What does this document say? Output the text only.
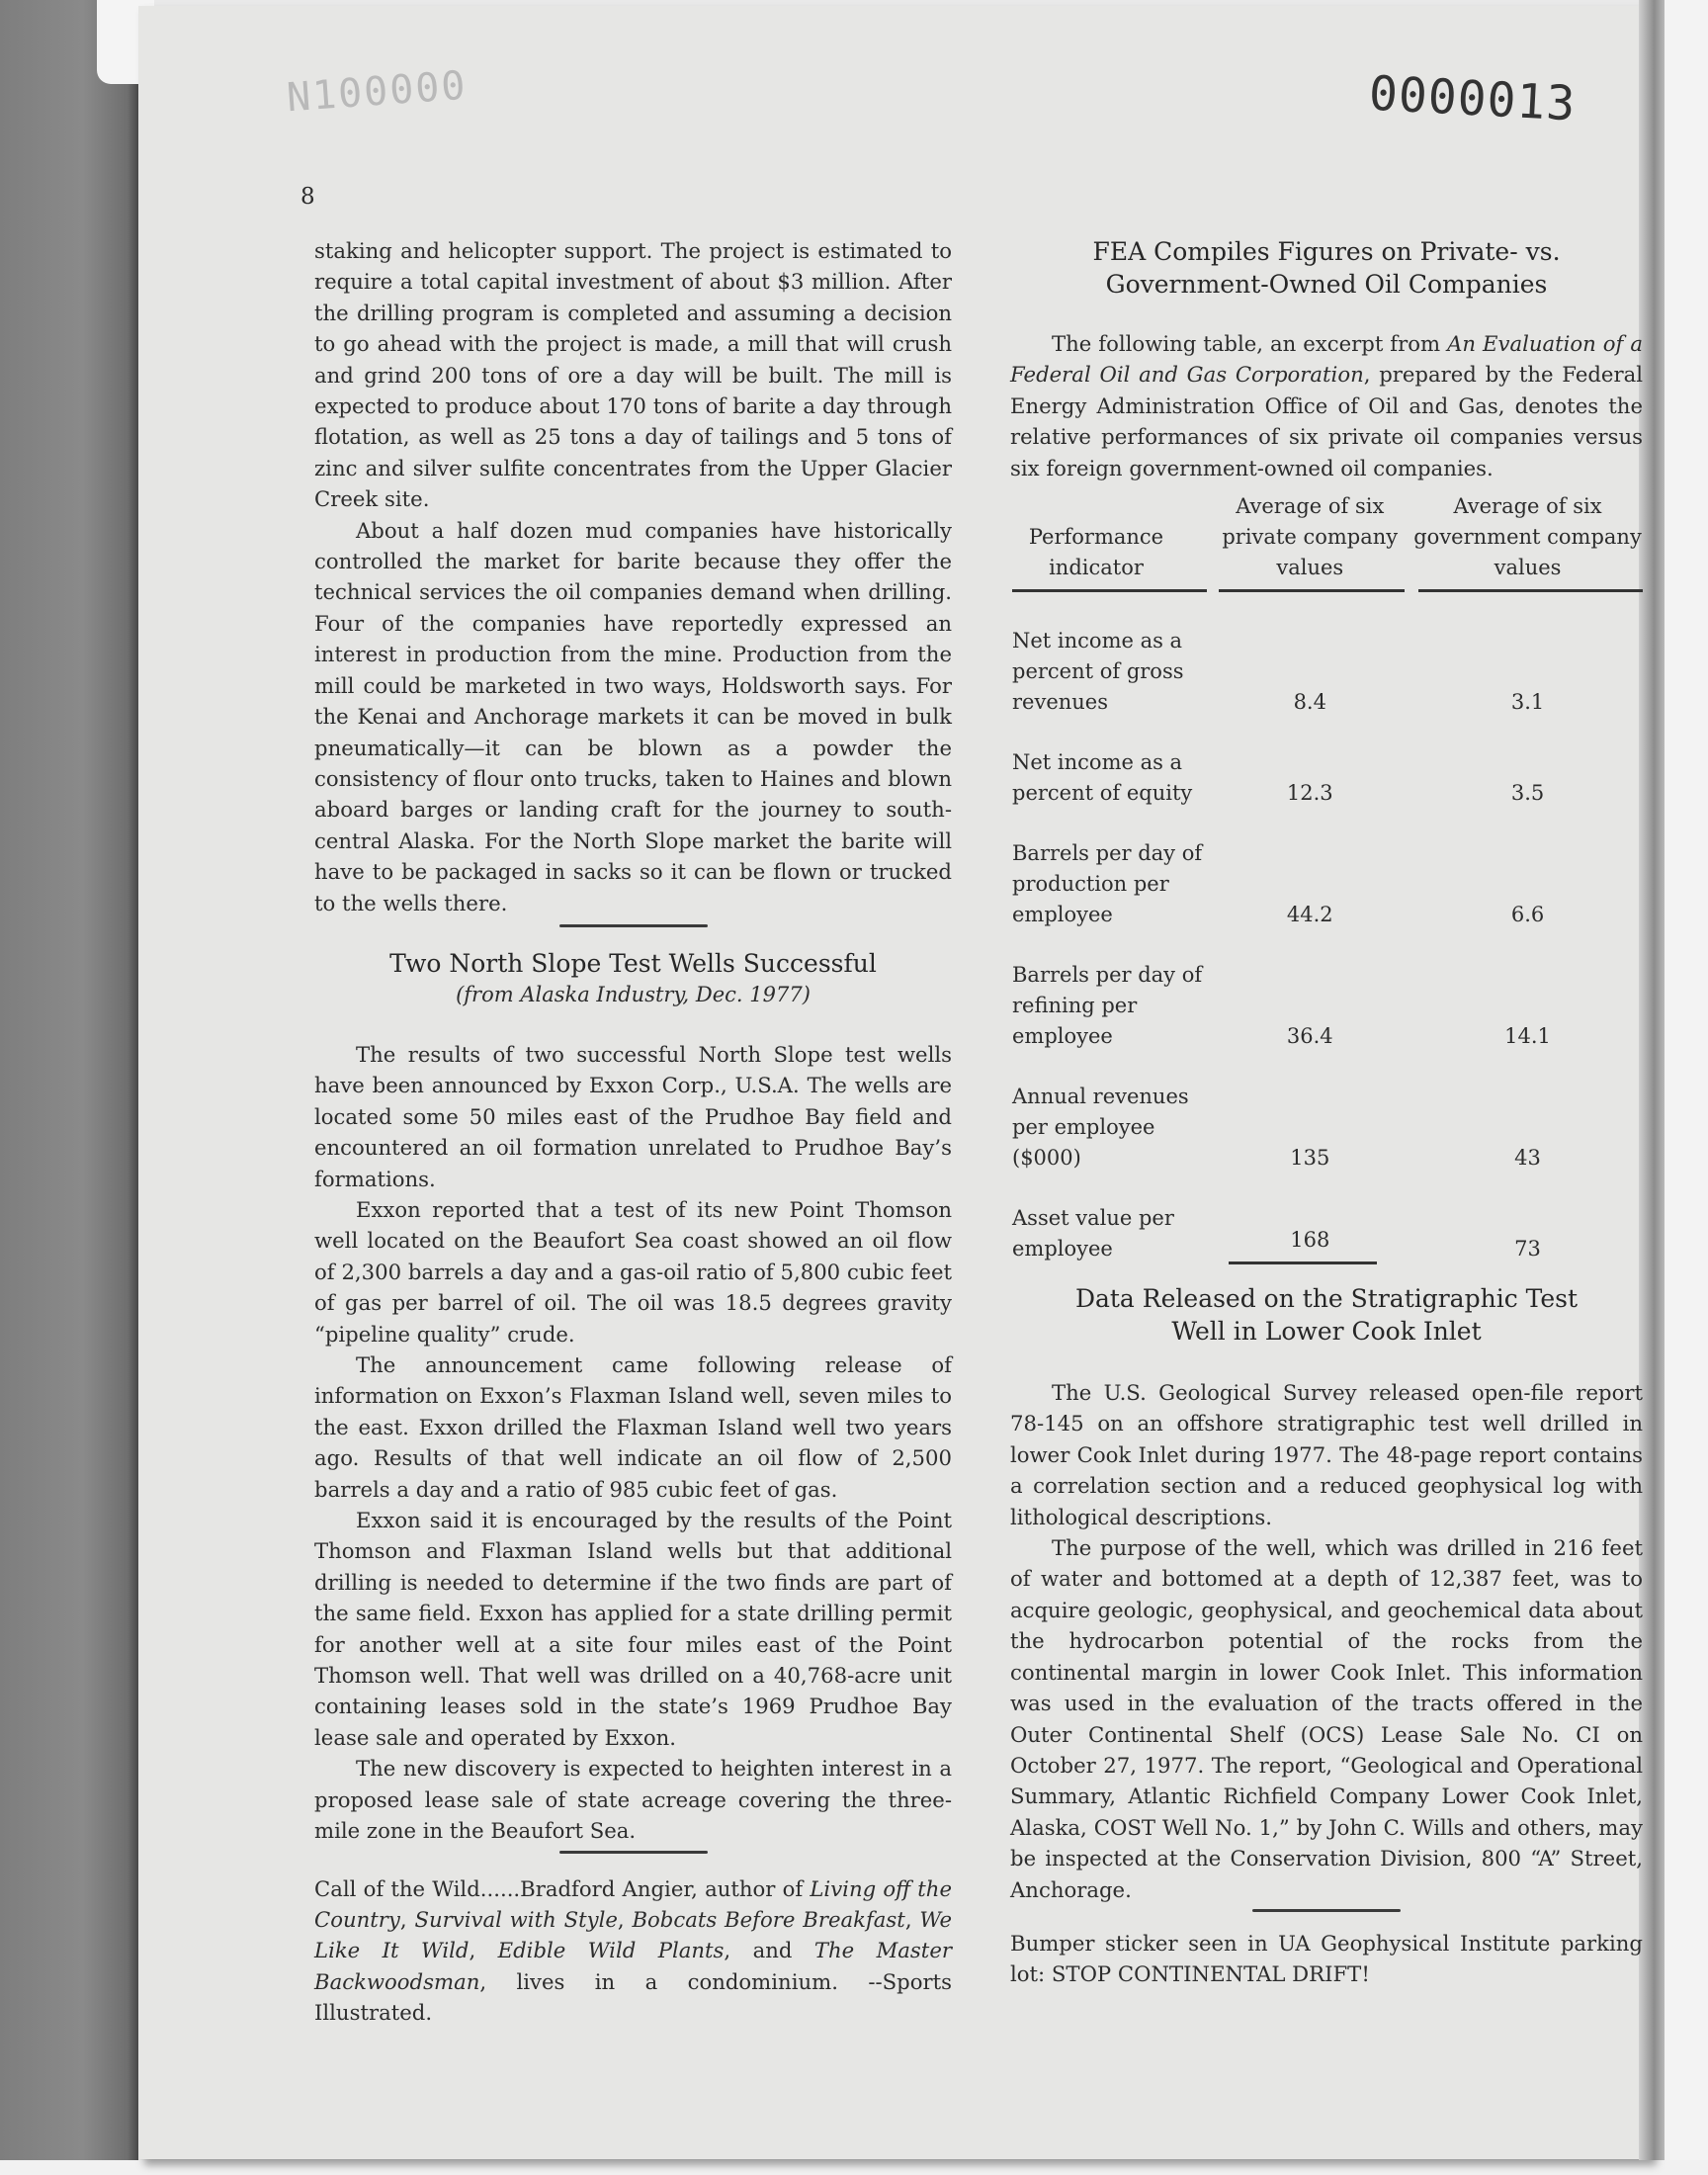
N100000	0000013
8

staking and helicopter support. The project is estimated to require a total capital investment of about $3 million. After the drilling program is completed and assuming a decision to go ahead with the project is made, a mill that will crush and grind 200 tons of ore a day will be built. The mill is expected to produce about 170 tons of barite a day through flotation, as well as 25 tons a day of tailings and 5 tons of zinc and silver sulfite concentrates from the Upper Glacier Creek site.

About a half dozen mud companies have historically controlled the market for barite because they offer the technical services the oil companies demand when drilling. Four of the companies have reportedly expressed an interest in production from the mine. Production from the mill could be marketed in two ways, Holdsworth says. For the Kenai and Anchorage markets it can be moved in bulk pneumatically—it can be blown as a powder the consistency of flour onto trucks, taken to Haines and blown aboard barges or landing craft for the journey to south-central Alaska. For the North Slope market the barite will have to be packaged in sacks so it can be flown or trucked to the wells there.

Two North Slope Test Wells Successful
(from Alaska Industry, Dec. 1977)

The results of two successful North Slope test wells have been announced by Exxon Corp., U.S.A. The wells are located some 50 miles east of the Prudhoe Bay field and encountered an oil formation unrelated to Prudhoe Bay’s formations.

Exxon reported that a test of its new Point Thomson well located on the Beaufort Sea coast showed an oil flow of 2,300 barrels a day and a gas-oil ratio of 5,800 cubic feet of gas per barrel of oil. The oil was 18.5 degrees gravity “pipeline quality” crude.

The announcement came following release of information on Exxon’s Flaxman Island well, seven miles to the east. Exxon drilled the Flaxman Island well two years ago. Results of that well indicate an oil flow of 2,500 barrels a day and a ratio of 985 cubic feet of gas.

Exxon said it is encouraged by the results of the Point Thomson and Flaxman Island wells but that additional drilling is needed to determine if the two finds are part of the same field. Exxon has applied for a state drilling permit for another well at a site four miles east of the Point Thomson well. That well was drilled on a 40,768-acre unit containing leases sold in the state’s 1969 Prudhoe Bay lease sale and operated by Exxon.

The new discovery is expected to heighten interest in a proposed lease sale of state acreage covering the three-mile zone in the Beaufort Sea.

Call of the Wild......Bradford Angier, author of Living off the Country, Survival with Style, Bobcats Before Breakfast, We Like It Wild, Edible Wild Plants, and The Master Backwoodsman, lives in a condominium. --Sports Illustrated.

FEA Compiles Figures on Private- vs. Government-Owned Oil Companies

The following table, an excerpt from An Evaluation of a Federal Oil and Gas Corporation, prepared by the Federal Energy Administration Office of Oil and Gas, denotes the relative performances of six private oil companies versus six foreign government-owned oil companies.

Performance indicator	Average of six private company values	Average of six government company values

Net income as a percent of gross revenues	8.4	3.1

Net income as a percent of equity	12.3	3.5

Barrels per day of production per employee	44.2	6.6

Barrels per day of refining per employee	36.4	14.1

Annual revenues per employee ($000)	135	43

Asset value per employee	168	73
Data Released on the Stratigraphic Test Well in Lower Cook Inlet

The U.S. Geological Survey released open-file report 78-145 on an offshore stratigraphic test well drilled in lower Cook Inlet during 1977. The 48-page report contains a correlation section and a reduced geophysical log with lithological descriptions.

The purpose of the well, which was drilled in 216 feet of water and bottomed at a depth of 12,387 feet, was to acquire geologic, geophysical, and geochemical data about the hydrocarbon potential of the rocks from the continental margin in lower Cook Inlet. This information was used in the evaluation of the tracts offered in the Outer Continental Shelf (OCS) Lease Sale No. CI on October 27, 1977. The report, “Geological and Operational Summary, Atlantic Richfield Company Lower Cook Inlet, Alaska, COST Well No. 1,” by John C. Wills and others, may be inspected at the Conservation Division, 800 “A” Street, Anchorage.

Bumper sticker seen in UA Geophysical Institute parking lot: STOP CONTINENTAL DRIFT!
